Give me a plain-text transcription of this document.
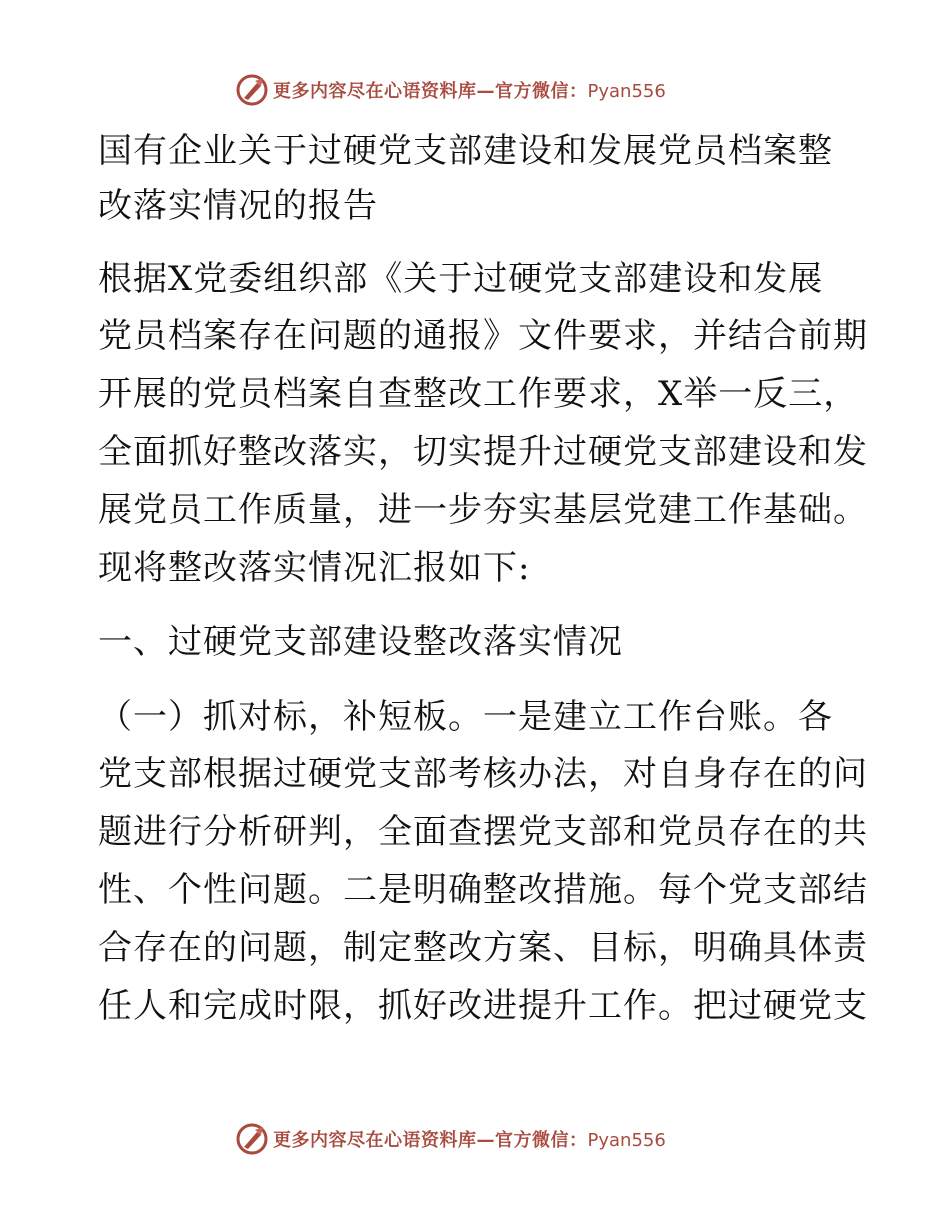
更多内容尽在心语资料库—官方微信：Pyan556
国有企业关于过硬党支部建设和发展党员档案整
改落实情况的报告
根据X党委组织部《关于过硬党支部建设和发展
党员档案存在问题的通报》文件要求，并结合前期
开展的党员档案自查整改工作要求，X举一反三，
全面抓好整改落实，切实提升过硬党支部建设和发
展党员工作质量，进一步夯实基层党建工作基础。
现将整改落实情况汇报如下:
一、过硬党支部建设整改落实情况
（一）抓对标，补短板。一是建立工作台账。各
党支部根据过硬党支部考核办法，对自身存在的问
题进行分析研判，全面查摆党支部和党员存在的共
性、个性问题。二是明确整改措施。每个党支部结
合存在的问题，制定整改方案、目标，明确具体责
任人和完成时限，抓好改进提升工作。把过硬党支
更多内容尽在心语资料库—官方微信：Pyan556
